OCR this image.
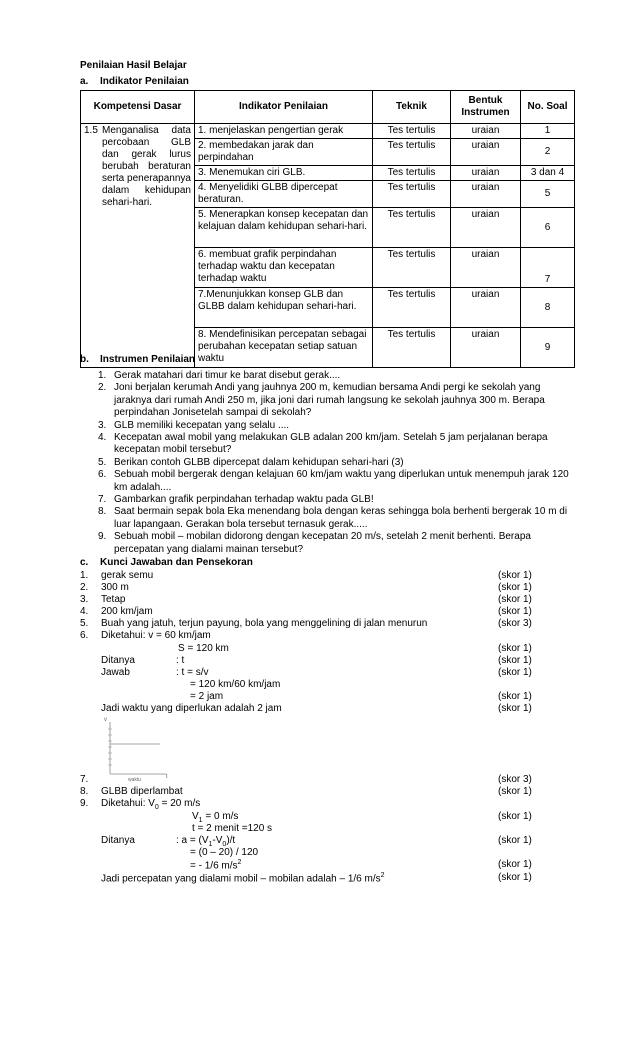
Penilaian Hasil Belajar
a. Indikator Penilaian
Kompetensi Dasar	Indikator Penilaian	Teknik	Bentuk Instrumen	No. Soal

1.5 Menganalisa data percobaan GLB dan gerak lurus berubah beraturan serta penerapannya dalam kehidupan sehari-hari.	1. menjelaskan pengertian gerak	Tes tertulis	uraian	1
	2. membedakan jarak dan perpindahan	Tes tertulis	uraian	2
	3. Menemukan ciri GLB.	Tes tertulis	uraian	3 dan 4
	4. Menyelidiki GLBB dipercepat beraturan.	Tes tertulis	uraian	5
	5. Menerapkan konsep kecepatan dan kelajuan dalam kehidupan sehari-hari.	Tes tertulis	uraian	6
	6. membuat grafik perpindahan terhadap waktu dan kecepatan terhadap waktu	Tes tertulis	uraian	7
	7.Menunjukkan konsep GLB dan GLBB dalam kehidupan sehari-hari.	Tes tertulis	uraian	8
	8. Mendefinisikan percepatan sebagai perubahan kecepatan setiap satuan waktu	Tes tertulis	uraian	9
b. Instrumen Penilaian
1. Gerak matahari dari timur ke barat disebut gerak....
2. Joni berjalan kerumah Andi yang jauhnya 200 m, kemudian bersama Andi pergi ke sekolah yang jaraknya dari rumah Andi 250 m, jika joni dari rumah langsung ke sekolah jauhnya 300 m. Berapa perpindahan Jonisetelah sampai di sekolah?
3. GLB memiliki kecepatan yang selalu ....
4. Kecepatan awal mobil yang melakukan GLB adalan 200 km/jam. Setelah 5 jam perjalanan berapa kecepatan mobil tersebut?
5. Berikan contoh GLBB dipercepat dalam kehidupan sehari-hari (3)
6. Sebuah mobil bergerak dengan kelajuan 60 km/jam waktu yang diperlukan untuk menempuh jarak 120 km adalah....
7. Gambarkan grafik perpindahan terhadap waktu pada GLB!
8. Saat bermain sepak bola Eka menendang bola dengan keras sehingga bola berhenti bergerak 10 m di luar lapangaan. Gerakan bola tersebut ternasuk gerak.....
9. Sebuah mobil – mobilan didorong dengan kecepatan 20 m/s, setelah 2 menit berhenti. Berapa percepatan yang dialami mainan tersebut?
c. Kunci Jawaban dan Pensekoran
1. gerak semu	(skor 1)
2. 300 m	(skor 1)
3. Tetap	(skor 1)
4. 200 km/jam	(skor 1)
5. Buah yang jatuh, terjun payung, bola yang menggelining di jalan menurun	(skor 3)
6. Diketahui: v = 60 km/jam
S = 120 km	(skor 1)
Ditanya	: t	(skor 1)
Jawab	: t = s/v	(skor 1)
= 120 km/60 km/jam
= 2 jam	(skor 1)
Jadi waktu yang diperlukan adalah 2 jam	(skor 1)
v
t
waktu
7.	(skor 3)
8. GLBB diperlambat	(skor 1)
9. Diketahui: $V_0 = 20$ m/s
$V_1 = 0$ m/s	(skor 1)
t = 2 menit =120 s
Ditanya	: $a = (V_1-V_0)/t$	(skor 1)
= (0 – 20) / 120
= - 1/6 $m/s^2$	(skor 1)
Jadi percepatan yang dialami mobil – mobilan adalah – 1/6 $m/s^2$	(skor 1)
